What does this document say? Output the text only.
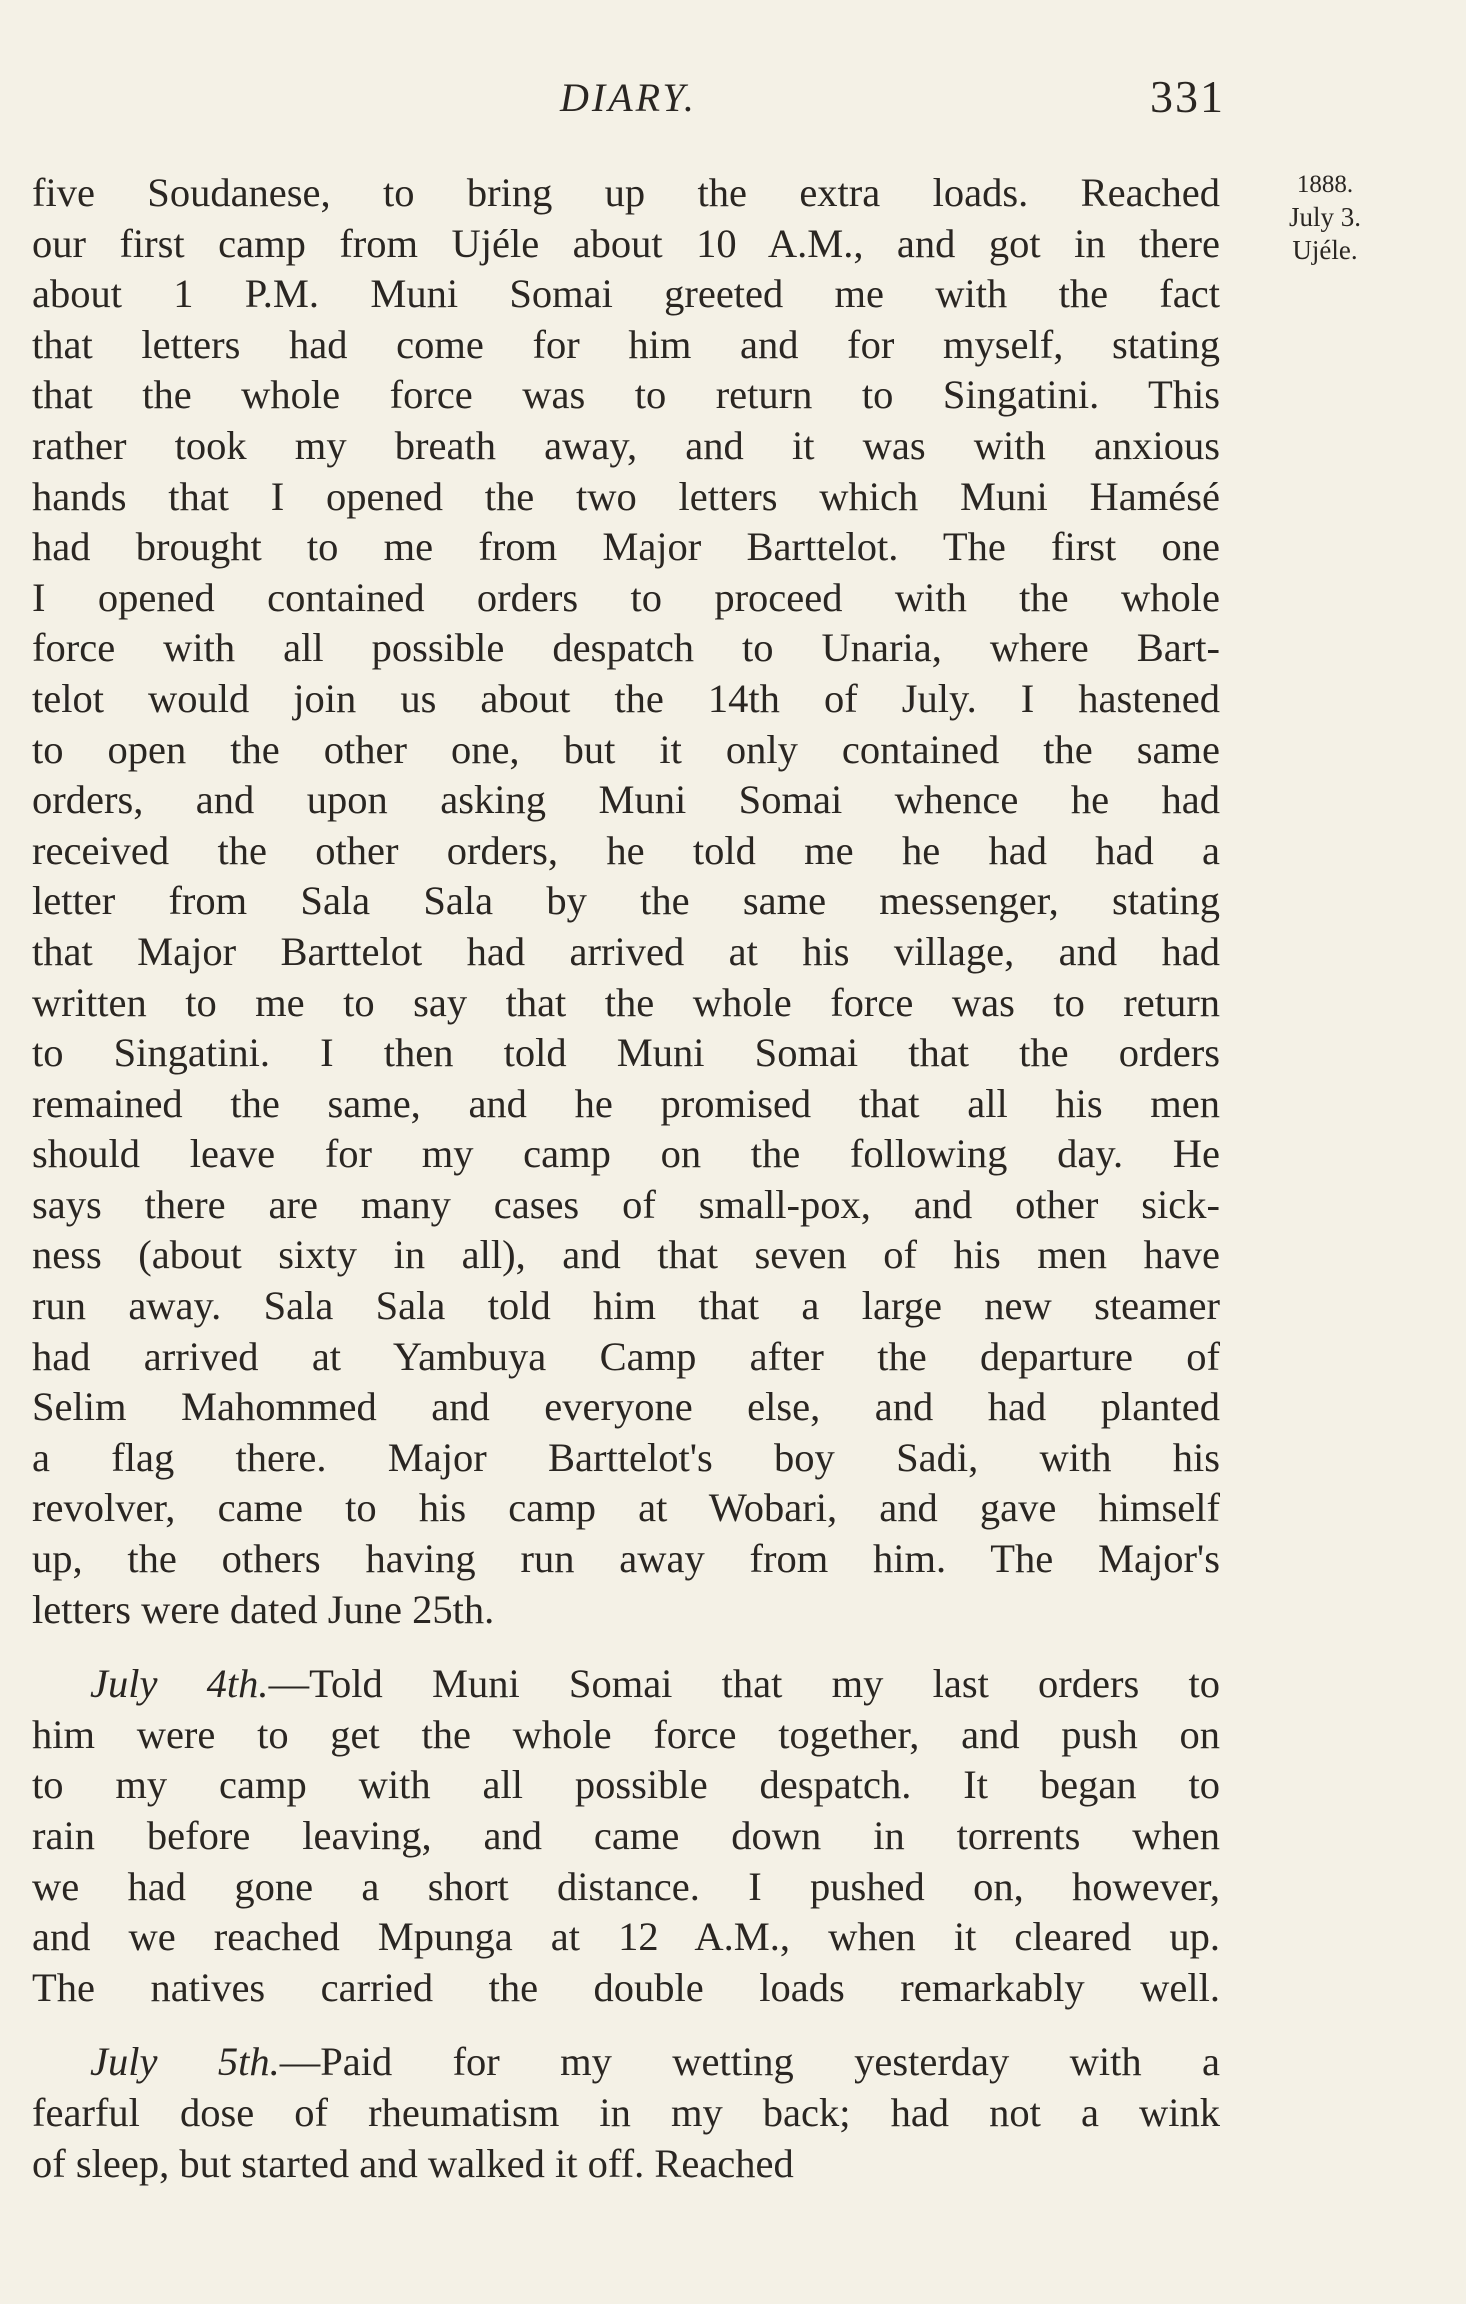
DIARY.	331
1888.
July 3.
Ujéle.
five Soudanese, to bring up the extra loads. Reached
our first camp from Ujéle about 10 A.M., and got in there
about 1 P.M. Muni Somai greeted me with the fact
that letters had come for him and for myself, stating
that the whole force was to return to Singatini. This
rather took my breath away, and it was with anxious
hands that I opened the two letters which Muni Hamésé
had brought to me from Major Barttelot. The first one
I opened contained orders to proceed with the whole
force with all possible despatch to Unaria, where Bart-
telot would join us about the 14th of July. I hastened
to open the other one, but it only contained the same
orders, and upon asking Muni Somai whence he had
received the other orders, he told me he had had a
letter from Sala Sala by the same messenger, stating
that Major Barttelot had arrived at his village, and had
written to me to say that the whole force was to return
to Singatini. I then told Muni Somai that the orders
remained the same, and he promised that all his men
should leave for my camp on the following day. He
says there are many cases of small-pox, and other sick-
ness (about sixty in all), and that seven of his men have
run away. Sala Sala told him that a large new steamer
had arrived at Yambuya Camp after the departure of
Selim Mahommed and everyone else, and had planted
a flag there. Major Barttelot's boy Sadi, with his
revolver, came to his camp at Wobari, and gave himself
up, the others having run away from him. The Major's
letters were dated June 25th.
July 4th.—Told Muni Somai that my last orders to
him were to get the whole force together, and push on
to my camp with all possible despatch. It began to
rain before leaving, and came down in torrents when
we had gone a short distance. I pushed on, however,
and we reached Mpunga at 12 A.M., when it cleared up.
The natives carried the double loads remarkably well.
July 5th.—Paid for my wetting yesterday with a
fearful dose of rheumatism in my back; had not a wink
of sleep, but started and walked it off. Reached
